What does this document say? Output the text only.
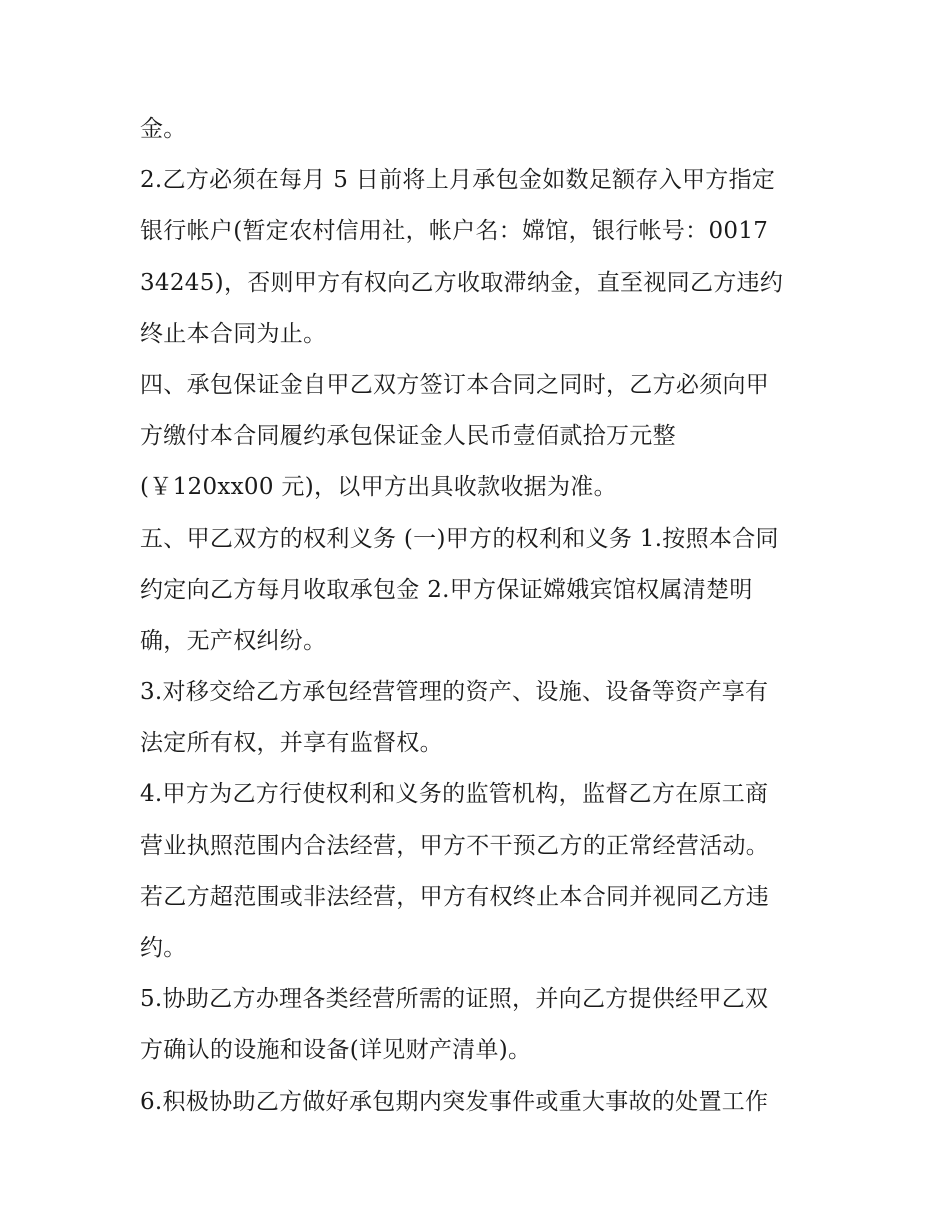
金。
2.乙方必须在每月 5 日前将上月承包金如数足额存入甲方指定
银行帐户(暂定农村信用社，帐户名：嫦馆，银行帐号：0017
34245)，否则甲方有权向乙方收取滞纳金，直至视同乙方违约
终止本合同为止。
四、承包保证金自甲乙双方签订本合同之同时，乙方必须向甲
方缴付本合同履约承包保证金人民币壹佰贰拾万元整
(￥120xx00 元)，以甲方出具收款收据为准。
五、甲乙双方的权利义务 (一)甲方的权利和义务 1.按照本合同
约定向乙方每月收取承包金 2.甲方保证嫦娥宾馆权属清楚明
确，无产权纠纷。
3.对移交给乙方承包经营管理的资产、设施、设备等资产享有
法定所有权，并享有监督权。
4.甲方为乙方行使权利和义务的监管机构，监督乙方在原工商
营业执照范围内合法经营，甲方不干预乙方的正常经营活动。
若乙方超范围或非法经营，甲方有权终止本合同并视同乙方违
约。
5.协助乙方办理各类经营所需的证照，并向乙方提供经甲乙双
方确认的设施和设备(详见财产清单)。
6.积极协助乙方做好承包期内突发事件或重大事故的处置工作
